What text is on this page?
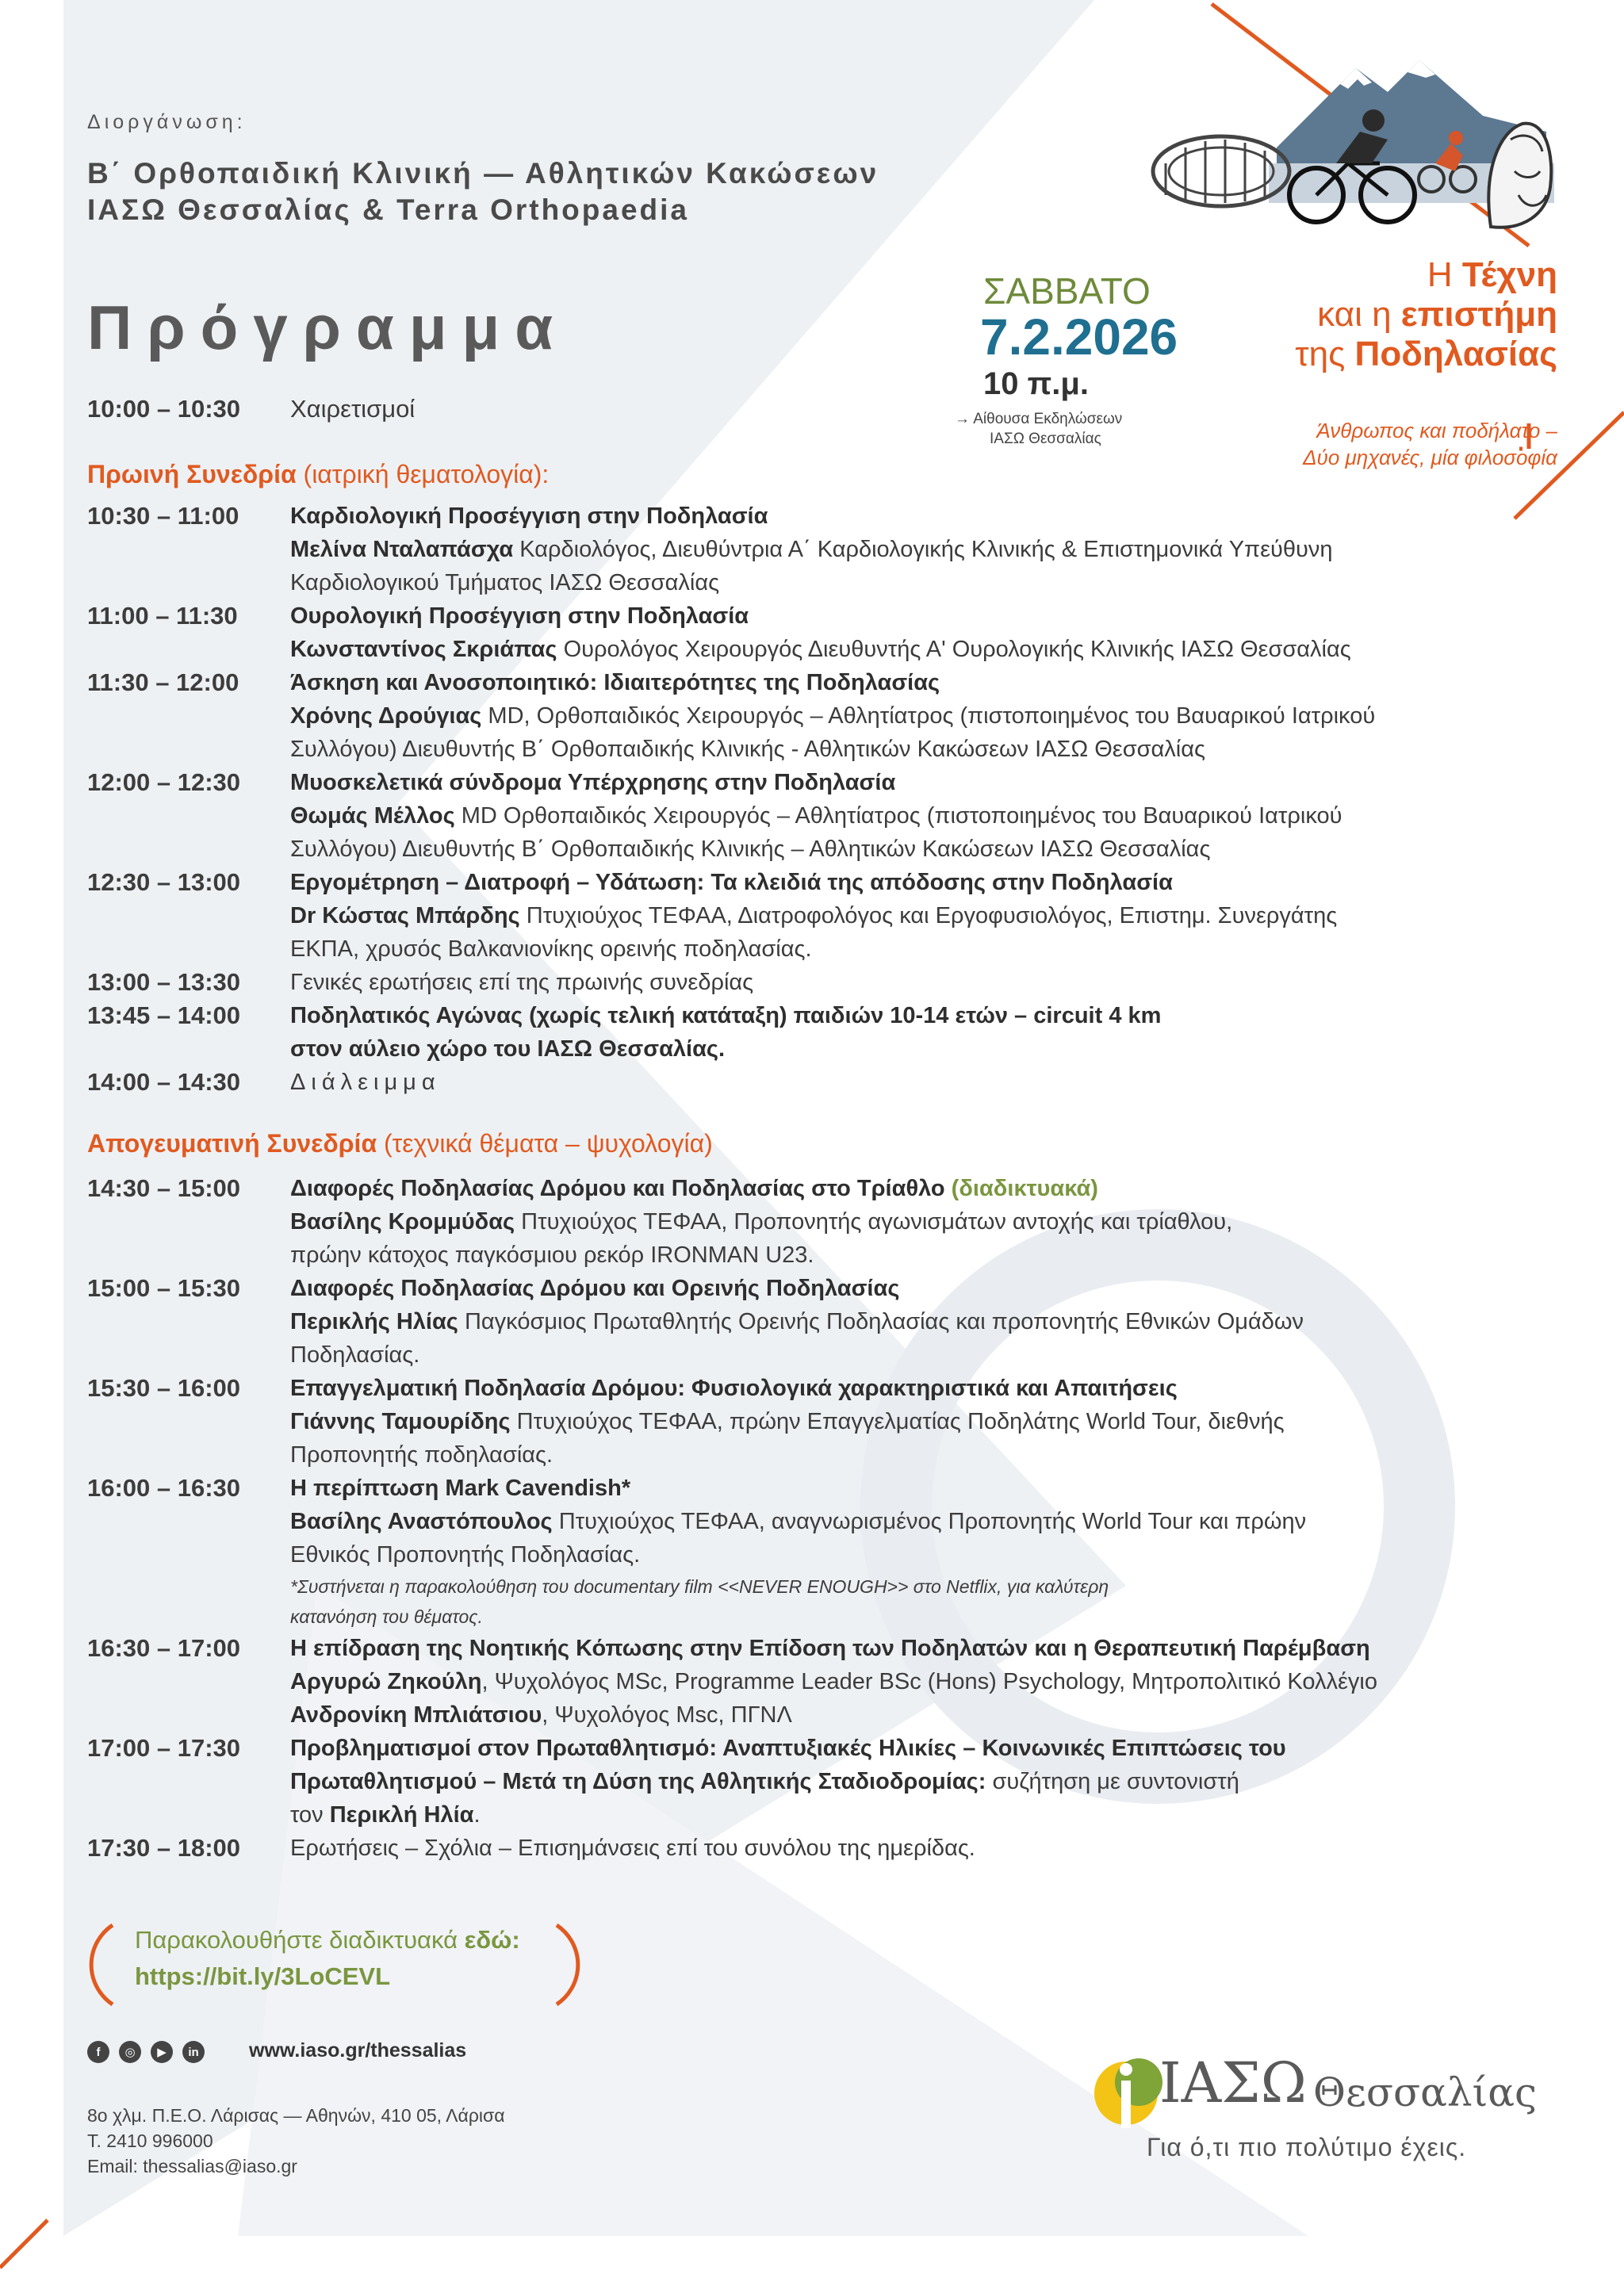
Διοργάνωση:
Β΄ Ορθοπαιδική Κλινική — Αθλητικών Κακώσεων
ΙΑΣΩ Θεσσαλίας & Terra Orthopaedia
Πρόγραμμα
ΣΑΒΒΑΤΟ
7.2.2026
10 π.μ.
→ Αίθουσα Εκδηλώσεων
ΙΑΣΩ Θεσσαλίας
Η Τέχνη
και η επιστήμη
της Ποδηλασίας
Άνθρωπος και ποδήλατο –
Δύο μηχανές, μία φιλοσοφία
10:00 – 10:30 Χαιρετισμοί
Πρωινή Συνεδρία (ιατρική θεματολογία):
10:30 – 11:00	Καρδιολογική Προσέγγιση στην Ποδηλασία
Μελίνα Νταλαπάσχα Καρδιολόγος, Διευθύντρια Α΄ Καρδιολογικής Κλινικής & Επιστημονικά Υπεύθυνη
Καρδιολογικού Τμήματος ΙΑΣΩ Θεσσαλίας
11:00 – 11:30	Ουρολογική Προσέγγιση στην Ποδηλασία
Κωνσταντίνος Σκριάπας Ουρολόγος Χειρουργός Διευθυντής Α' Ουρολογικής Κλινικής ΙΑΣΩ Θεσσαλίας
11:30 – 12:00	Άσκηση και Ανοσοποιητικό: Ιδιαιτερότητες της Ποδηλασίας
Χρόνης Δρούγιας MD, Ορθοπαιδικός Χειρουργός – Αθλητίατρος (πιστοποιημένος του Βαυαρικού Ιατρικού
Συλλόγου) Διευθυντής Β΄ Ορθοπαιδικής Κλινικής - Αθλητικών Κακώσεων ΙΑΣΩ Θεσσαλίας
12:00 – 12:30	Μυοσκελετικά σύνδρομα Υπέρχρησης στην Ποδηλασία
Θωμάς Μέλλος MD Ορθοπαιδικός Χειρουργός – Αθλητίατρος (πιστοποιημένος του Βαυαρικού Ιατρικού
Συλλόγου) Διευθυντής Β΄ Ορθοπαιδικής Κλινικής – Αθλητικών Κακώσεων ΙΑΣΩ Θεσσαλίας
12:30 – 13:00	Εργομέτρηση – Διατροφή – Υδάτωση: Τα κλειδιά της απόδοσης στην Ποδηλασία
Dr Κώστας Μπάρδης Πτυχιούχος ΤΕΦΑΑ, Διατροφολόγος και Εργοφυσιολόγος, Επιστημ. Συνεργάτης
ΕΚΠΑ, χρυσός Βαλκανιονίκης ορεινής ποδηλασίας.
13:00 – 13:30	Γενικές ερωτήσεις επί της πρωινής συνεδρίας
13:45 – 14:00	Ποδηλατικός Αγώνας (χωρίς τελική κατάταξη) παιδιών 10-14 ετών – circuit 4 km
στον αύλειο χώρο του ΙΑΣΩ Θεσσαλίας.
14:00 – 14:30	Διάλειμμα
Απογευματινή Συνεδρία (τεχνικά θέματα – ψυχολογία)
14:30 – 15:00	Διαφορές Ποδηλασίας Δρόμου και Ποδηλασίας στο Τρίαθλο (διαδικτυακά)
Βασίλης Κρομμύδας Πτυχιούχος ΤΕΦΑΑ, Προπονητής αγωνισμάτων αντοχής και τρίαθλου,
πρώην κάτοχος παγκόσμιου ρεκόρ IRONMAN U23.
15:00 – 15:30	Διαφορές Ποδηλασίας Δρόμου και Ορεινής Ποδηλασίας
Περικλής Ηλίας Παγκόσμιος Πρωταθλητής Ορεινής Ποδηλασίας και προπονητής Εθνικών Ομάδων
Ποδηλασίας.
15:30 – 16:00	Επαγγελματική Ποδηλασία Δρόμου: Φυσιολογικά χαρακτηριστικά και Απαιτήσεις
Γιάννης Ταμουρίδης Πτυχιούχος ΤΕΦΑΑ, πρώην Επαγγελματίας Ποδηλάτης World Tour, διεθνής
Προπονητής ποδηλασίας.
16:00 – 16:30	Η περίπτωση Mark Cavendish*
Βασίλης Αναστόπουλος Πτυχιούχος ΤΕΦΑΑ, αναγνωρισμένος Προπονητής World Tour και πρώην
Εθνικός Προπονητής Ποδηλασίας.
*Συστήνεται η παρακολούθηση του documentary film <<NEVER ENOUGH>> στο Netflix, για καλύτερη
κατανόηση του θέματος.
16:30 – 17:00	Η επίδραση της Νοητικής Κόπωσης στην Επίδοση των Ποδηλατών και η Θεραπευτική Παρέμβαση
Αργυρώ Ζηκούλη, Ψυχολόγος MSc, Programme Leader BSc (Hons) Psychology, Μητροπολιτικό Κολλέγιο
Ανδρονίκη Μπλιάτσιου, Ψυχολόγος Msc, ΠΓΝΛ
17:00 – 17:30	Προβληματισμοί στον Πρωταθλητισμό: Αναπτυξιακές Ηλικίες – Κοινωνικές Επιπτώσεις του
Πρωταθλητισμού – Μετά τη Δύση της Αθλητικής Σταδιοδρομίας: συζήτηση με συντονιστή
τον Περικλή Ηλία.
17:30 – 18:00	Ερωτήσεις – Σχόλια – Επισημάνσεις επί του συνόλου της ημερίδας.
Παρακολουθήστε διαδικτυακά εδώ:
https://bit.ly/3LoCEVL
f	◎	▶	in	www.iaso.gr/thessalias
8ο χλμ. Π.Ε.Ο. Λάρισας — Αθηνών, 410 05, Λάρισα
Τ. 2410 996000
Email: thessalias@iaso.gr
ΙΑΣΩ Θεσσαλίας
Για ό,τι πιο πολύτιμο έχεις.
